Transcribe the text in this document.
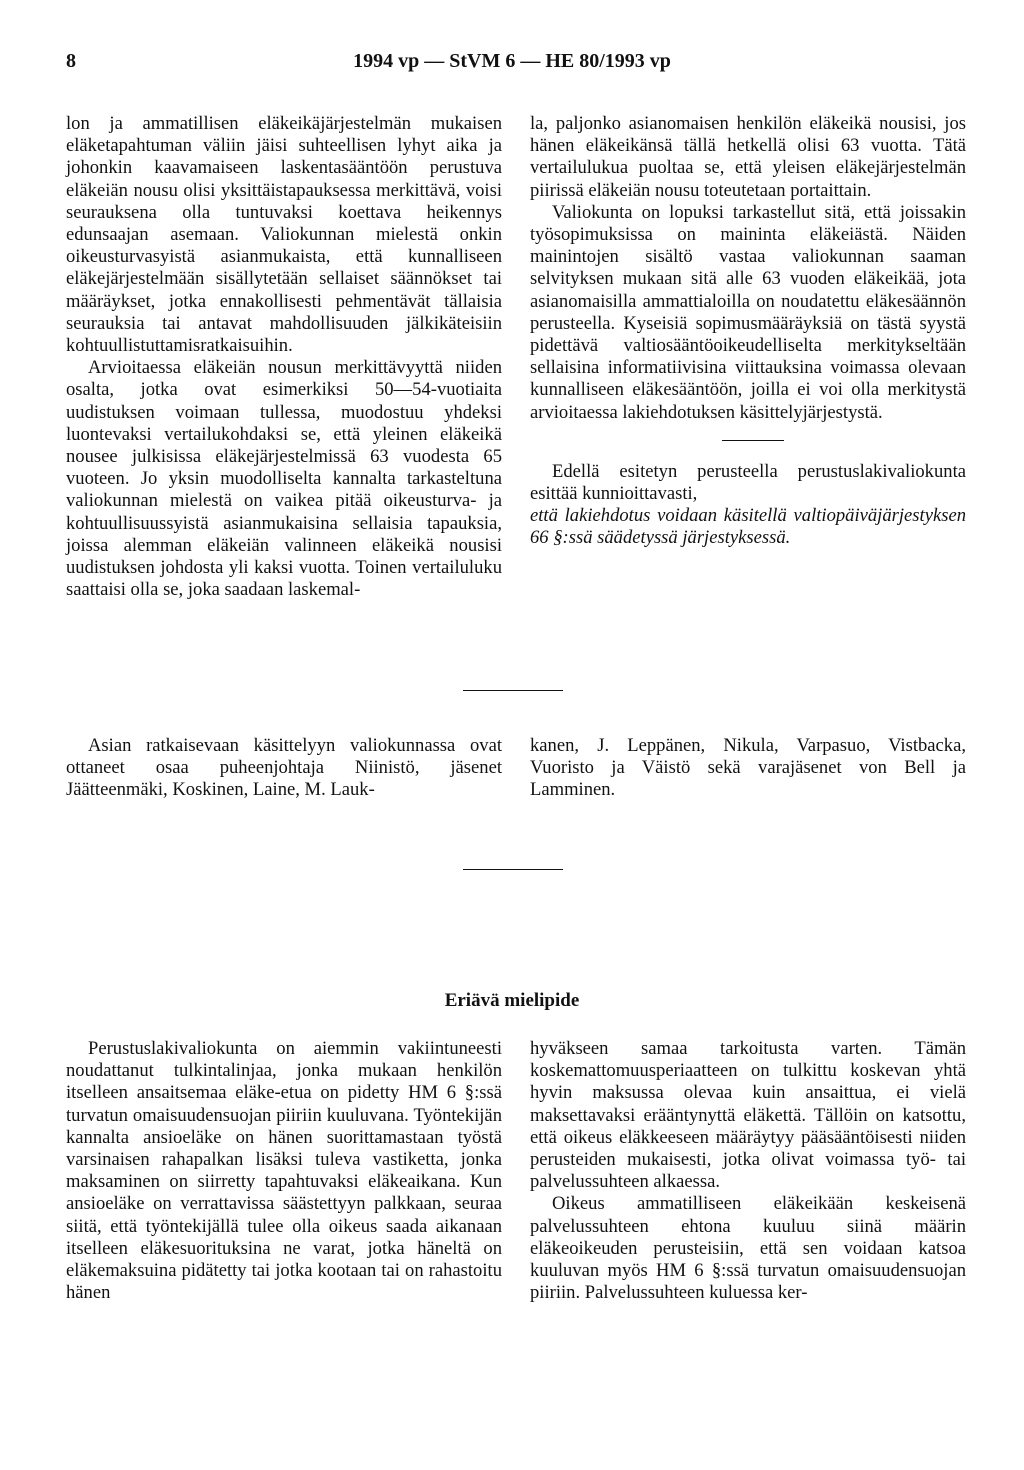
8	1994 vp — StVM 6 — HE 80/1993 vp

lon ja ammatillisen eläkeikäjärjestelmän mukaisen eläketapahtuman väliin jäisi suhteellisen lyhyt aika ja johonkin kaavamaiseen laskentasääntöön perustuva eläkeiän nousu olisi yksittäistapauksessa merkittävä, voisi seurauksena olla tuntuvaksi koettava heikennys edunsaajan asemaan. Valiokunnan mielestä onkin oikeusturvasyistä asianmukaista, että kunnalliseen eläkejärjestelmään sisällytetään sellaiset säännökset tai määräykset, jotka ennakollisesti pehmentävät tällaisia seurauksia tai antavat mahdollisuuden jälkikäteisiin kohtuullistuttamisratkaisuihin.

Arvioitaessa eläkeiän nousun merkittävyyttä niiden osalta, jotka ovat esimerkiksi 50—54-vuotiaita uudistuksen voimaan tullessa, muodostuu yhdeksi luontevaksi vertailukohdaksi se, että yleinen eläkeikä nousee julkisissa eläkejärjestelmissä 63 vuodesta 65 vuoteen. Jo yksin muodolliselta kannalta tarkasteltuna valiokunnan mielestä on vaikea pitää oikeusturva- ja kohtuullisuussyistä asianmukaisina sellaisia tapauksia, joissa alemman eläkeiän valinneen eläkeikä nousisi uudistuksen johdosta yli kaksi vuotta. Toinen vertailuluku saattaisi olla se, joka saadaan laskemal-

la, paljonko asianomaisen henkilön eläkeikä nousisi, jos hänen eläkeikänsä tällä hetkellä olisi 63 vuotta. Tätä vertailulukua puoltaa se, että yleisen eläkejärjestelmän piirissä eläkeiän nousu toteutetaan portaittain.

Valiokunta on lopuksi tarkastellut sitä, että joissakin työsopimuksissa on maininta eläkeiästä. Näiden mainintojen sisältö vastaa valiokunnan saaman selvityksen mukaan sitä alle 63 vuoden eläkeikää, jota asianomaisilla ammattialoilla on noudatettu eläkesäännön perusteella. Kyseisiä sopimusmääräyksiä on tästä syystä pidettävä valtiosääntöoikeudelliselta merkitykseltään sellaisina informatiivisina viittauksina voimassa olevaan kunnalliseen eläkesääntöön, joilla ei voi olla merkitystä arvioitaessa lakiehdotuksen käsittelyjärjestystä.

Edellä esitetyn perusteella perustuslakivaliokunta esittää kunnioittavasti,

että lakiehdotus voidaan käsitellä valtiopäiväjärjestyksen 66 §:ssä säädetyssä järjestyksessä.

Asian ratkaisevaan käsittelyyn valiokunnassa ovat ottaneet osaa puheenjohtaja Niinistö, jäsenet Jäätteenmäki, Koskinen, Laine, M. Lauk-

kanen, J. Leppänen, Nikula, Varpasuo, Vistbacka, Vuoristo ja Väistö sekä varajäsenet von Bell ja Lamminen.

Eriävä mielipide

Perustuslakivaliokunta on aiemmin vakiintuneesti noudattanut tulkintalinjaa, jonka mukaan henkilön itselleen ansaitsemaa eläke-etua on pidetty HM 6 §:ssä turvatun omaisuudensuojan piiriin kuuluvana. Työntekijän kannalta ansioeläke on hänen suorittamastaan työstä varsinaisen rahapalkan lisäksi tuleva vastiketta, jonka maksaminen on siirretty tapahtuvaksi eläkeaikana. Kun ansioeläke on verrattavissa säästettyyn palkkaan, seuraa siitä, että työntekijällä tulee olla oikeus saada aikanaan itselleen eläkesuorituksina ne varat, jotka häneltä on eläkemaksuina pidätetty tai jotka kootaan tai on rahastoitu hänen

hyväkseen samaa tarkoitusta varten. Tämän koskemattomuusperiaatteen on tulkittu koskevan yhtä hyvin maksussa olevaa kuin ansaittua, ei vielä maksettavaksi erääntynyttä eläkettä. Tällöin on katsottu, että oikeus eläkkeeseen määräytyy pääsääntöisesti niiden perusteiden mukaisesti, jotka olivat voimassa työ- tai palvelussuhteen alkaessa.

Oikeus ammatilliseen eläkeikään keskeisenä palvelussuhteen ehtona kuuluu siinä määrin eläkeoikeuden perusteisiin, että sen voidaan katsoa kuuluvan myös HM 6 §:ssä turvatun omaisuudensuojan piiriin. Palvelussuhteen kuluessa ker-
